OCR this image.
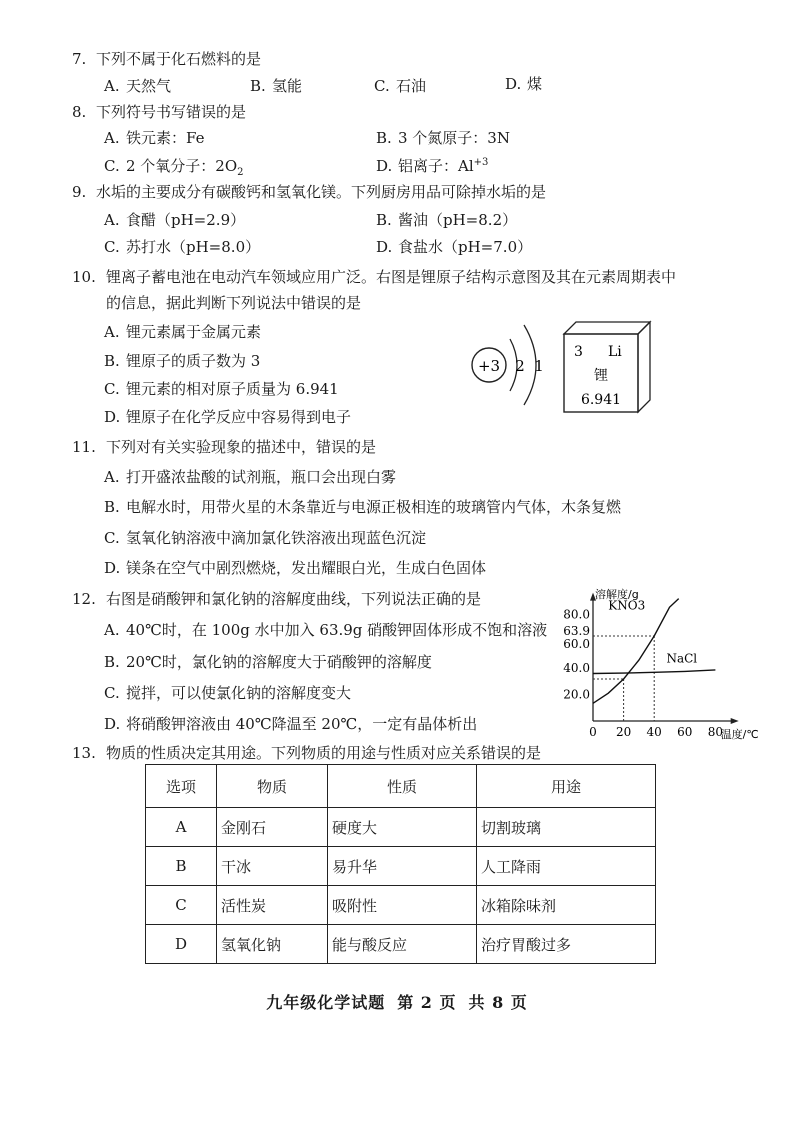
7. 下列不属于化石燃料的是
A. 天然气	B. 氢能	C. 石油	D. 煤
8. 下列符号书写错误的是
A. 铁元素：Fe	B. 3 个氮原子：3N
C. 2 个氧分子：$2O_2$	D. 铝离子：$Al^{+3}$
9. 水垢的主要成分有碳酸钙和氢氧化镁。下列厨房用品可除掉水垢的是
A. 食醋（pH=2.9）	B. 酱油（pH=8.2）
C. 苏打水（pH=8.0）	D. 食盐水（pH=7.0）
10. 锂离子蓄电池在电动汽车领域应用广泛。右图是锂原子结构示意图及其在元素周期表中
的信息，据此判断下列说法中错误的是
A. 锂元素属于金属元素
B. 锂原子的质子数为 3
C. 锂元素的相对原子质量为 6.941
D. 锂原子在化学反应中容易得到电子
+3 2 1
3 Li
锂
6.941
11. 下列对有关实验现象的描述中，错误的是
A. 打开盛浓盐酸的试剂瓶，瓶口会出现白雾
B. 电解水时，用带火星的木条靠近与电源正极相连的玻璃管内气体，木条复燃
C. 氢氧化钠溶液中滴加氯化铁溶液出现蓝色沉淀
D. 镁条在空气中剧烈燃烧，发出耀眼白光，生成白色固体
12. 右图是硝酸钾和氯化钠的溶解度曲线，下列说法正确的是
A. 40℃时，在 100g 水中加入 63.9g 硝酸钾固体形成不饱和溶液
B. 20℃时，氯化钠的溶解度大于硝酸钾的溶解度
C. 搅拌，可以使氯化钠的溶解度变大
D. 将硝酸钾溶液由 40℃降温至 20℃，一定有晶体析出	0 20 40 60 80
20.0
40.0
60.0
63.9
80.0
溶解度/g
温度/℃
KNO3
NaCl
13. 物质的性质决定其用途。下列物质的用途与性质对应关系错误的是
选项	物质	性质	用途
A	金刚石	硬度大	切割玻璃
B	干冰	易升华	人工降雨
C	活性炭	吸附性	冰箱除味剂
D	氢氧化钠	能与酸反应	治疗胃酸过多
九年级化学试题 第 2 页 共 8 页
